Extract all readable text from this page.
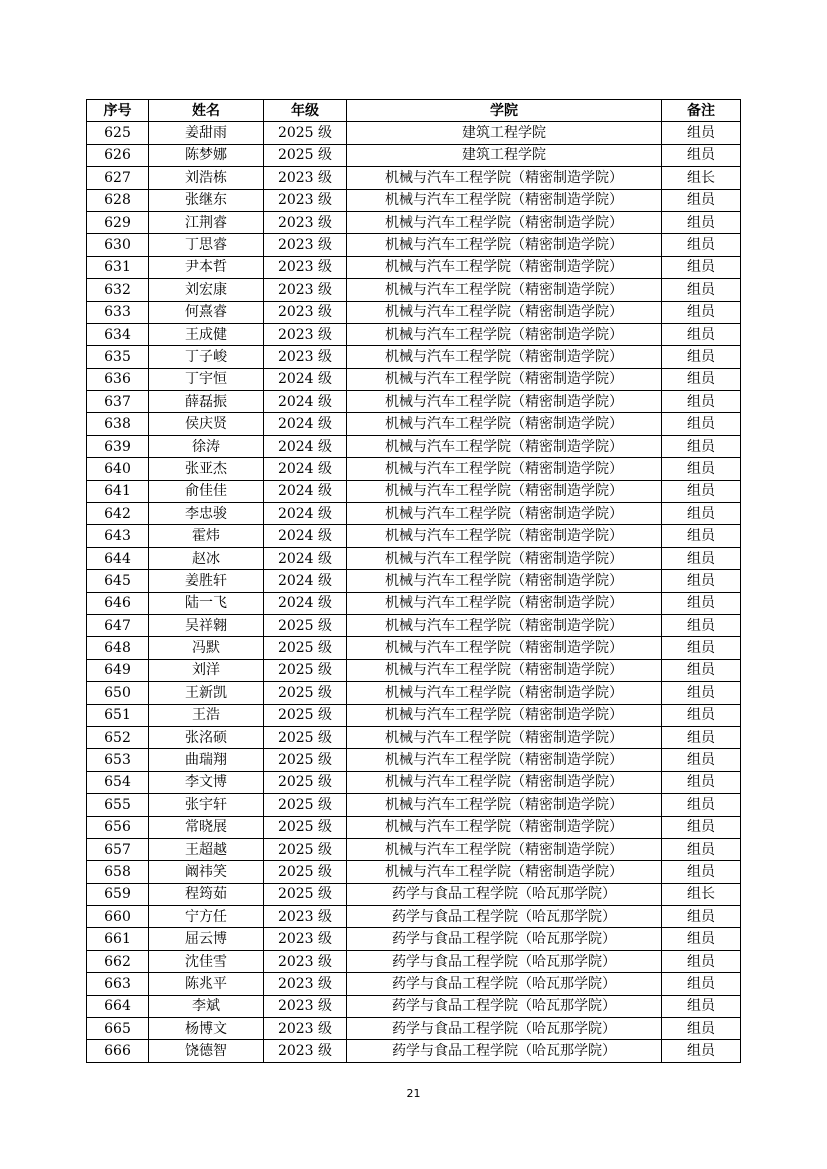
序号	姓名	年级	学院	备注
625	姜甜雨	2025 级	建筑工程学院	组员
626	陈梦娜	2025 级	建筑工程学院	组员
627	刘浩栋	2023 级	机械与汽车工程学院（精密制造学院）	组长
628	张继东	2023 级	机械与汽车工程学院（精密制造学院）	组员
629	江荆睿	2023 级	机械与汽车工程学院（精密制造学院）	组员
630	丁思睿	2023 级	机械与汽车工程学院（精密制造学院）	组员
631	尹本哲	2023 级	机械与汽车工程学院（精密制造学院）	组员
632	刘宏康	2023 级	机械与汽车工程学院（精密制造学院）	组员
633	何熹睿	2023 级	机械与汽车工程学院（精密制造学院）	组员
634	王成健	2023 级	机械与汽车工程学院（精密制造学院）	组员
635	丁子峻	2023 级	机械与汽车工程学院（精密制造学院）	组员
636	丁宇恒	2024 级	机械与汽车工程学院（精密制造学院）	组员
637	薛磊振	2024 级	机械与汽车工程学院（精密制造学院）	组员
638	侯庆贤	2024 级	机械与汽车工程学院（精密制造学院）	组员
639	徐涛	2024 级	机械与汽车工程学院（精密制造学院）	组员
640	张亚杰	2024 级	机械与汽车工程学院（精密制造学院）	组员
641	俞佳佳	2024 级	机械与汽车工程学院（精密制造学院）	组员
642	李忠骏	2024 级	机械与汽车工程学院（精密制造学院）	组员
643	霍炜	2024 级	机械与汽车工程学院（精密制造学院）	组员
644	赵冰	2024 级	机械与汽车工程学院（精密制造学院）	组员
645	姜胜轩	2024 级	机械与汽车工程学院（精密制造学院）	组员
646	陆一飞	2024 级	机械与汽车工程学院（精密制造学院）	组员
647	吴祥翱	2025 级	机械与汽车工程学院（精密制造学院）	组员
648	冯默	2025 级	机械与汽车工程学院（精密制造学院）	组员
649	刘洋	2025 级	机械与汽车工程学院（精密制造学院）	组员
650	王新凯	2025 级	机械与汽车工程学院（精密制造学院）	组员
651	王浩	2025 级	机械与汽车工程学院（精密制造学院）	组员
652	张洺硕	2025 级	机械与汽车工程学院（精密制造学院）	组员
653	曲瑞翔	2025 级	机械与汽车工程学院（精密制造学院）	组员
654	李文博	2025 级	机械与汽车工程学院（精密制造学院）	组员
655	张宇轩	2025 级	机械与汽车工程学院（精密制造学院）	组员
656	常晓展	2025 级	机械与汽车工程学院（精密制造学院）	组员
657	王超越	2025 级	机械与汽车工程学院（精密制造学院）	组员
658	阚祎笑	2025 级	机械与汽车工程学院（精密制造学院）	组员
659	程筠茹	2025 级	药学与食品工程学院（哈瓦那学院）	组长
660	宁方任	2023 级	药学与食品工程学院（哈瓦那学院）	组员
661	屈云博	2023 级	药学与食品工程学院（哈瓦那学院）	组员
662	沈佳雪	2023 级	药学与食品工程学院（哈瓦那学院）	组员
663	陈兆平	2023 级	药学与食品工程学院（哈瓦那学院）	组员
664	李斌	2023 级	药学与食品工程学院（哈瓦那学院）	组员
665	杨博文	2023 级	药学与食品工程学院（哈瓦那学院）	组员
666	饶德智	2023 级	药学与食品工程学院（哈瓦那学院）	组员
21
